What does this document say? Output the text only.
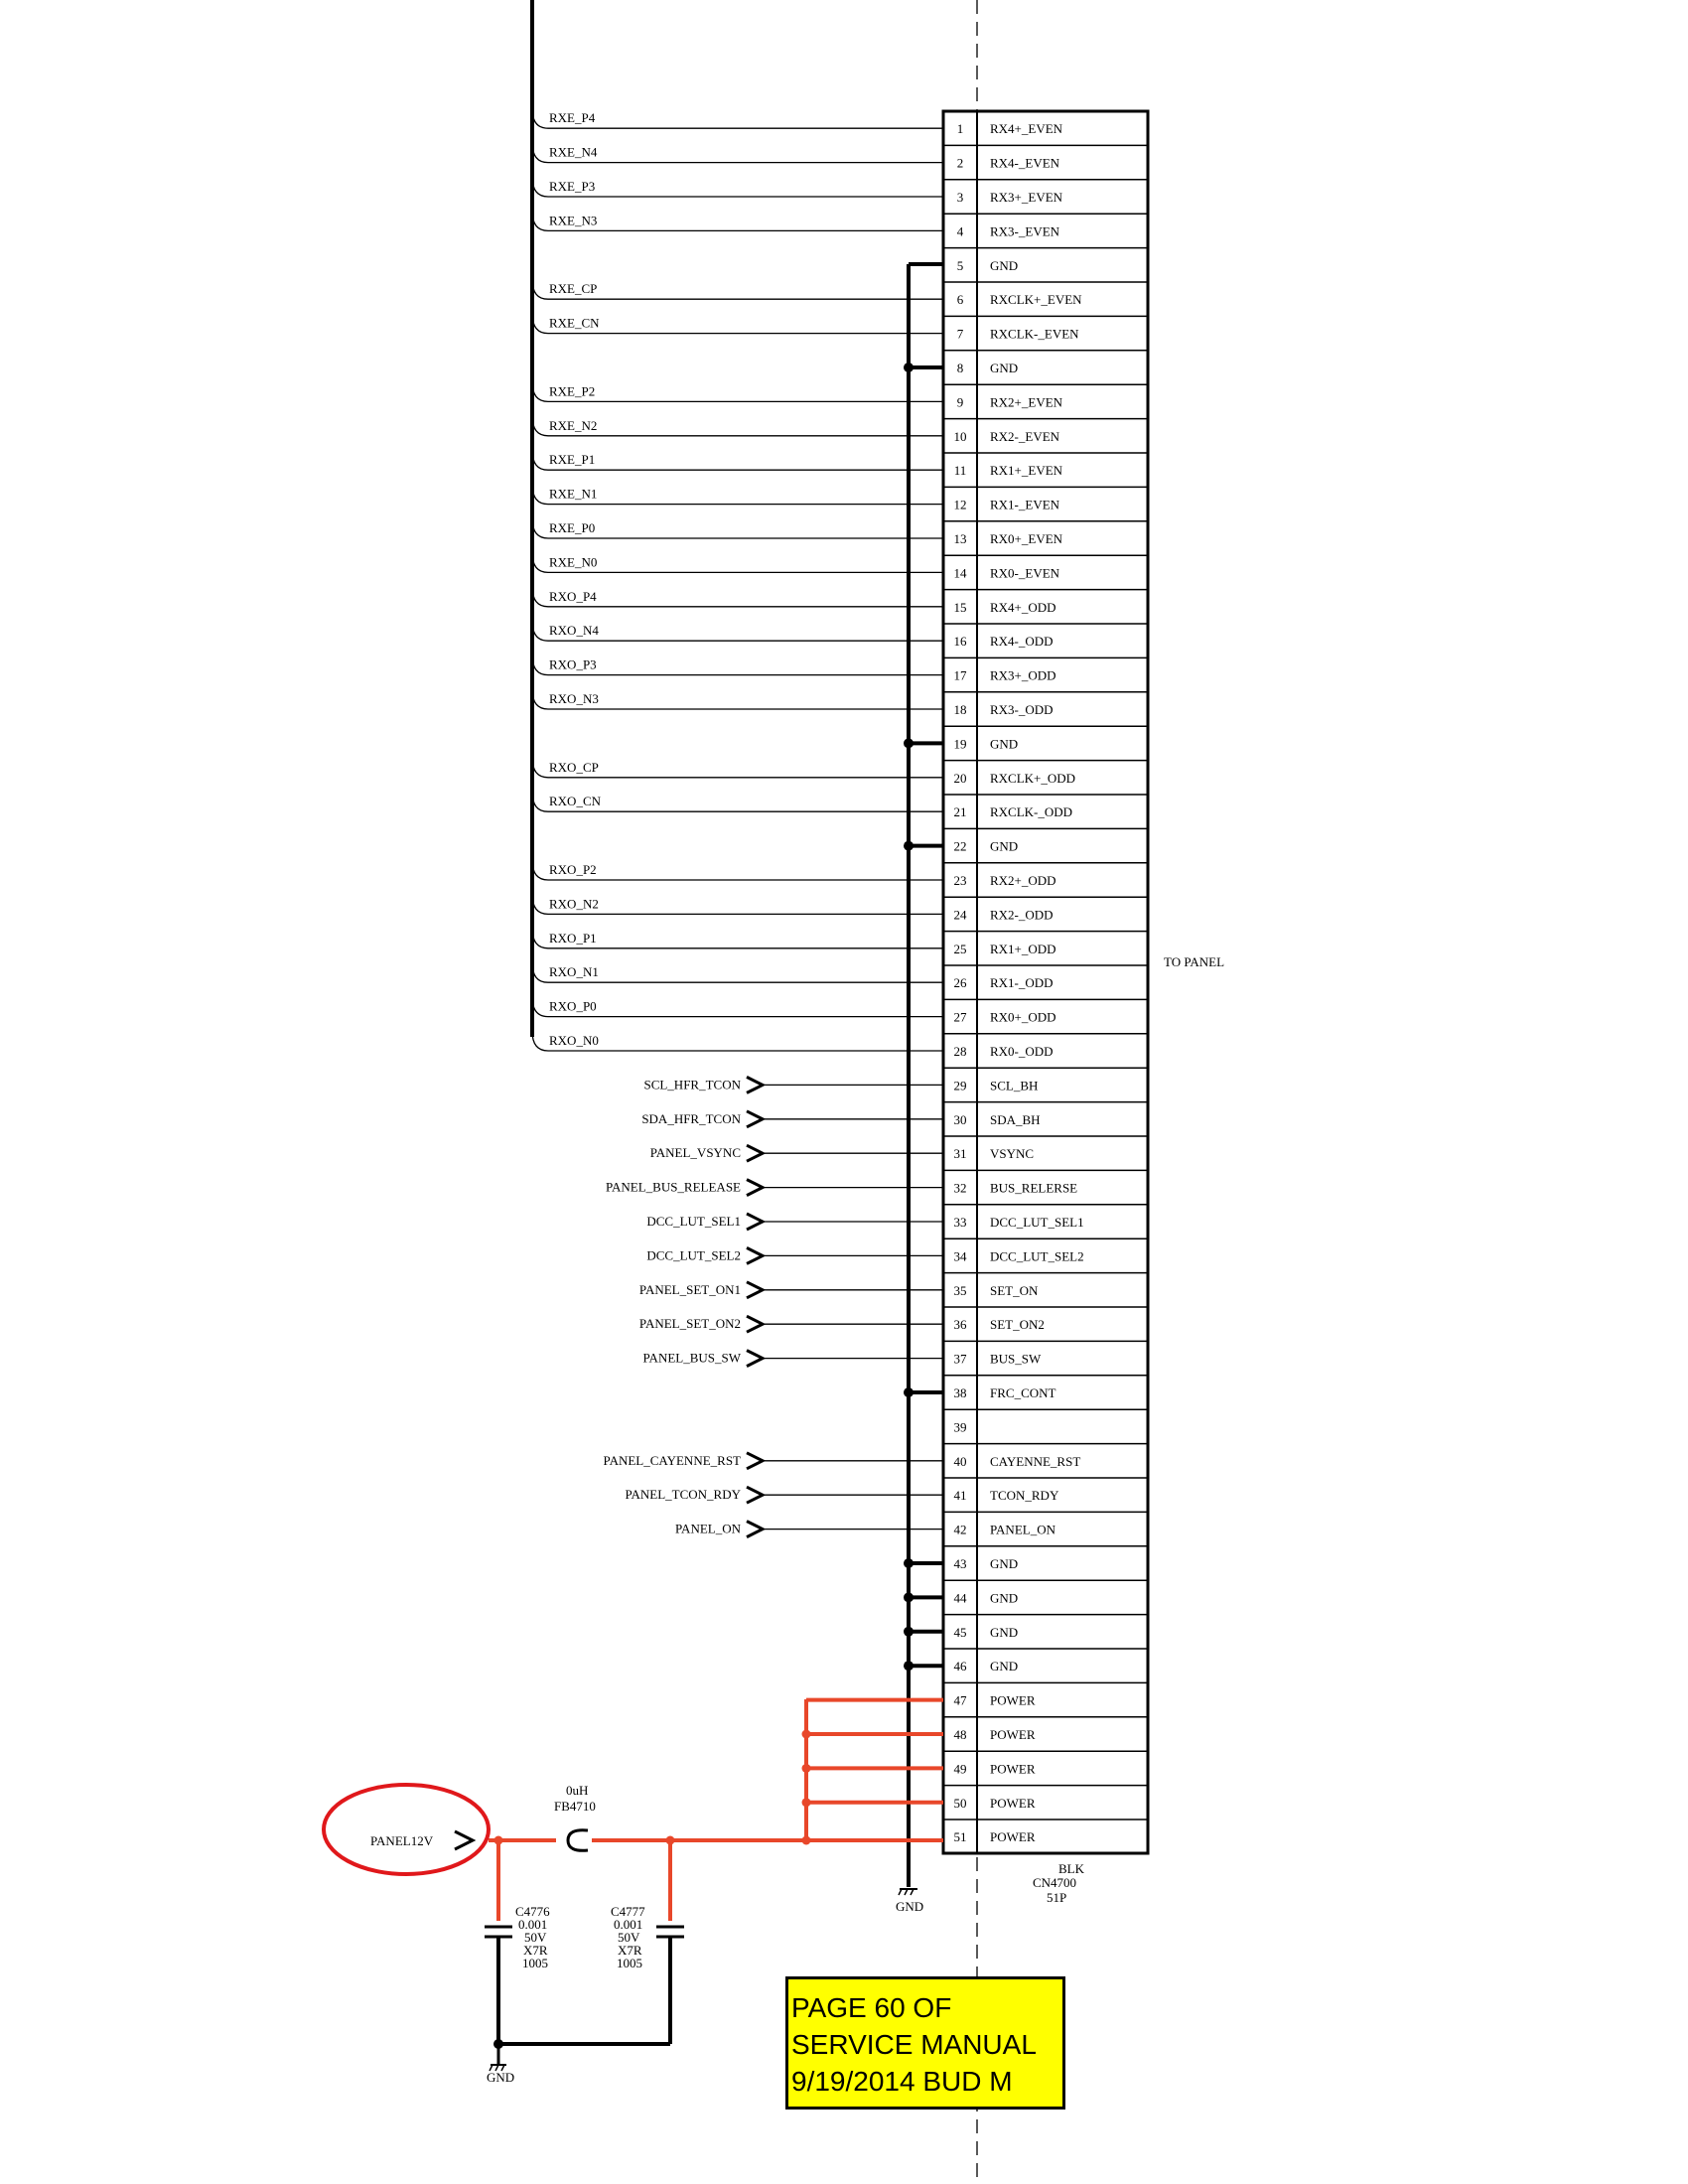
1 RX4+_EVEN
2 RX4-_EVEN
3 RX3+_EVEN
4 RX3-_EVEN
5 GND
6 RXCLK+_EVEN
7 RXCLK-_EVEN
8 GND
9 RX2+_EVEN
10 RX2-_EVEN
11 RX1+_EVEN
12 RX1-_EVEN
13 RX0+_EVEN
14 RX0-_EVEN
15 RX4+_ODD
16 RX4-_ODD
17 RX3+_ODD
18 RX3-_ODD
19 GND
20 RXCLK+_ODD
21 RXCLK-_ODD
22 GND
23 RX2+_ODD
24 RX2-_ODD
25 RX1+_ODD
26 RX1-_ODD
27 RX0+_ODD
28 RX0-_ODD
29 SCL_BH
30 SDA_BH
31 VSYNC
32 BUS_RELERSE
33 DCC_LUT_SEL1
34 DCC_LUT_SEL2
35 SET_ON
36 SET_ON2
37 BUS_SW
38 FRC_CONT
39
40 CAYENNE_RST
41 TCON_RDY
42 PANEL_ON
43 GND
44 GND
45 GND
46 GND
47 POWER
48 POWER
49 POWER
50 POWER
51 POWER
GND
RXE_P4
RXE_N4
RXE_P3
RXE_N3
RXE_CP
RXE_CN
RXE_P2
RXE_N2
RXE_P1
RXE_N1
RXE_P0
RXE_N0
RXO_P4
RXO_N4
RXO_P3
RXO_N3
RXO_CP
RXO_CN
RXO_P2
RXO_N2
RXO_P1
RXO_N1
RXO_P0
RXO_N0
SCL_HFR_TCON
SDA_HFR_TCON
PANEL_VSYNC
PANEL_BUS_RELEASE
DCC_LUT_SEL1
DCC_LUT_SEL2
PANEL_SET_ON1
PANEL_SET_ON2
PANEL_BUS_SW
PANEL_CAYENNE_RST
PANEL_TCON_RDY
PANEL_ON
TO PANEL
BLK
CN4700
51P
PANEL12V
0uH
FB4710
C4776
0.001
50V
X7R
1005
C4777
0.001
50V
X7R
1005
GND
PAGE 60 OF
SERVICE MANUAL
9/19/2014 BUD M
